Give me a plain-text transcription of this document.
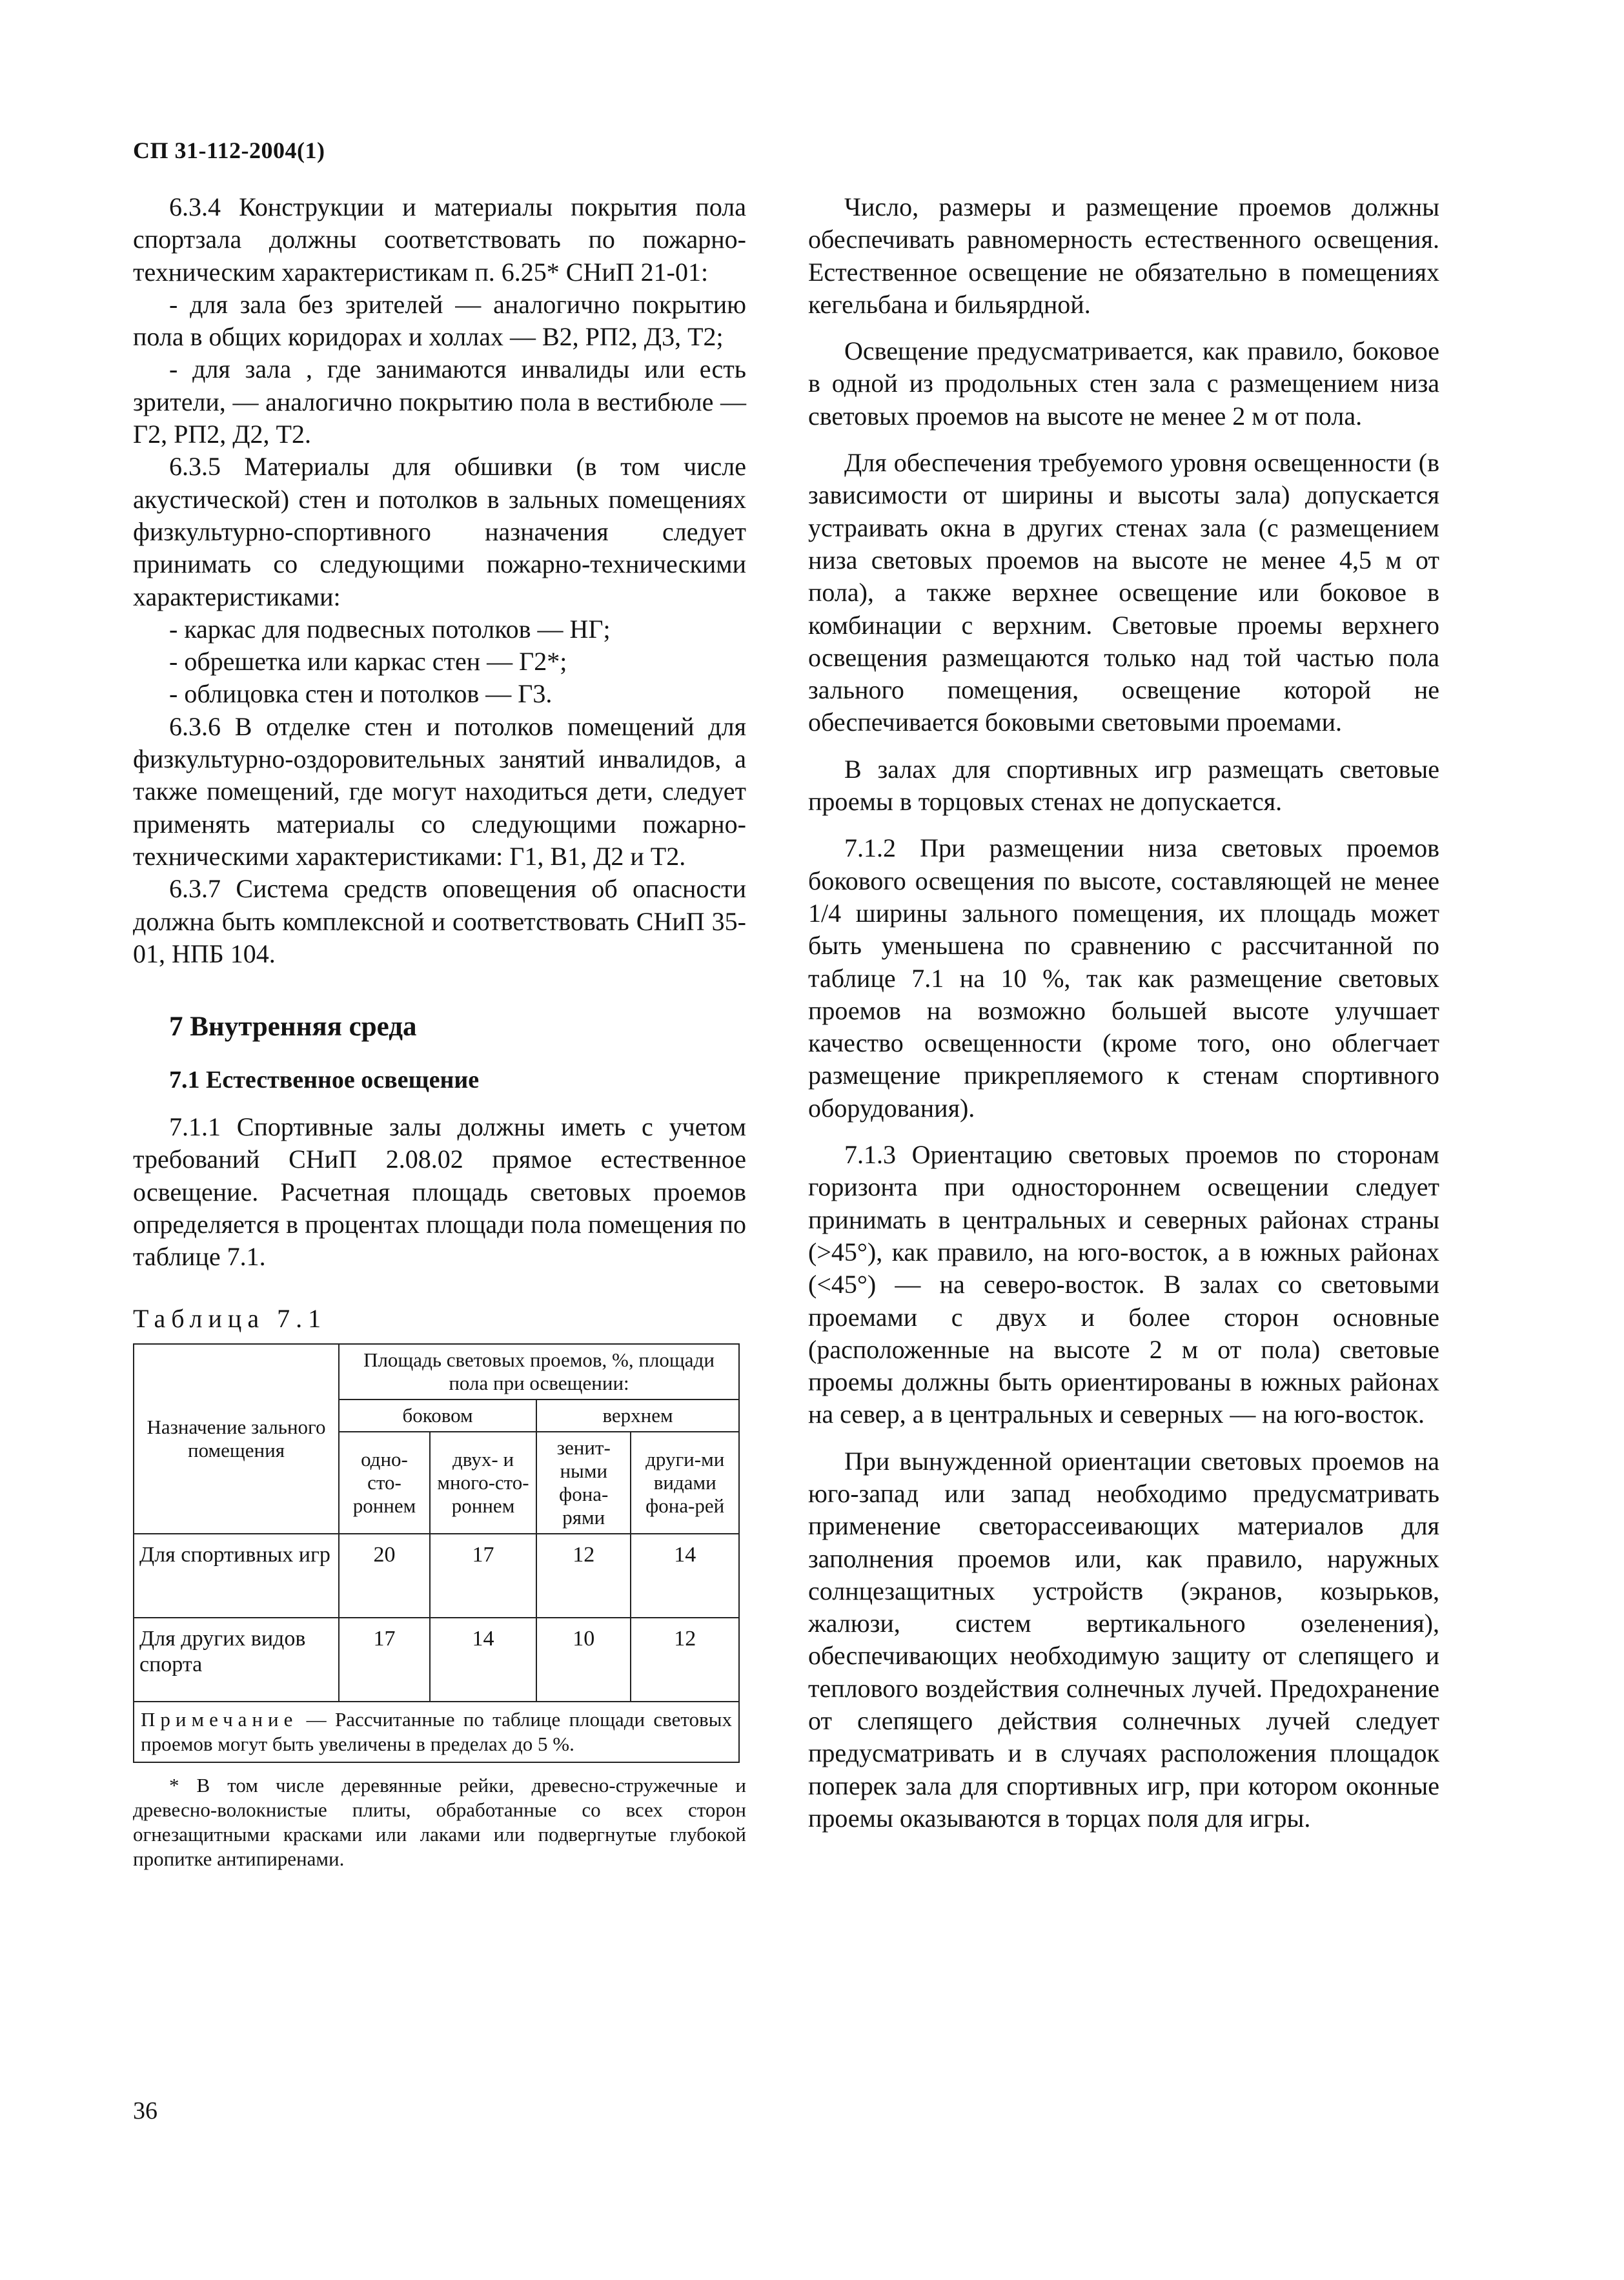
СП 31-112-2004(1)

6.3.4 Конструкции и материалы покрытия пола спортзала должны соответствовать по пожарно-техническим характеристикам п. 6.25* СНиП 21-01:

- для зала без зрителей — аналогично покрытию пола в общих коридорах и холлах — В2, РП2, Д3, Т2;

- для зала , где занимаются инвалиды или есть зрители, — аналогично покрытию пола в вестибюле — Г2, РП2, Д2, Т2.

6.3.5 Материалы для обшивки (в том числе акустической) стен и потолков в зальных помещениях физкультурно-спортивного назначения следует принимать со следующими пожарно-техническими характеристиками:

- каркас для подвесных потолков — НГ;

- обрешетка или каркас стен — Г2*;

- облицовка стен и потолков — Г3.

6.3.6 В отделке стен и потолков помещений для физкультурно-оздоровительных занятий инвалидов, а также помещений, где могут находиться дети, следует применять материалы со следующими пожарно-техническими характеристиками: Г1, В1, Д2 и Т2.

6.3.7 Система средств оповещения об опасности должна быть комплексной и соответствовать СНиП 35-01, НПБ 104.

7 Внутренняя среда
7.1 Естественное освещение

7.1.1 Спортивные залы должны иметь с учетом требований СНиП 2.08.02 прямое естественное освещение. Расчетная площадь световых проемов определяется в процентах площади пола помещения по таблице 7.1.

Таблица 7.1
Назначение зального помещения	Площадь световых проемов, %, площади пола при освещении:			
	боковом		верхнем	
	одно-сто-роннем	двух- и много-сто-роннем	зенит-ными фона-рями	други-ми видами фона-рей
Для спортивных игр	20	17	12	14
Для других видов спорта	17	14	10	12
Примечание — Рассчитанные по таблице площади световых проемов могут быть увеличены в пределах до 5 %.				
* В том числе деревянные рейки, древесно-стружечные и древесно-волокнистые плиты, обработанные со всех сторон огнезащитными красками или лаками или подвергнутые глубокой пропитке антипиренами.

Число, размеры и размещение проемов должны обеспечивать равномерность естественного освещения. Естественное освещение не обязательно в помещениях кегельбана и бильярдной.

Освещение предусматривается, как правило, боковое в одной из продольных стен зала с размещением низа световых проемов на высоте не менее 2 м от пола.

Для обеспечения требуемого уровня освещенности (в зависимости от ширины и высоты зала) допускается устраивать окна в других стенах зала (с размещением низа световых проемов на высоте не менее 4,5 м от пола), а также верхнее освещение или боковое в комбинации с верхним. Световые проемы верхнего освещения размещаются только над той частью пола зального помещения, освещение которой не обеспечивается боковыми световыми проемами.

В залах для спортивных игр размещать световые проемы в торцовых стенах не допускается.

7.1.2 При размещении низа световых проемов бокового освещения по высоте, составляющей не менее 1/4 ширины зального помещения, их площадь может быть уменьшена по сравнению с рассчитанной по таблице 7.1 на 10 %, так как размещение световых проемов на возможно большей высоте улучшает качество освещенности (кроме того, оно облегчает размещение прикрепляемого к стенам спортивного оборудования).

7.1.3 Ориентацию световых проемов по сторонам горизонта при одностороннем освещении следует принимать в центральных и северных районах страны (>45°), как правило, на юго-восток, а в южных районах (<45°) — на северо-восток. В залах со световыми проемами с двух и более сторон основные (расположенные на высоте 2 м от пола) световые проемы должны быть ориентированы в южных районах на север, а в центральных и северных — на юго-восток.

При вынужденной ориентации световых проемов на юго-запад или запад необходимо предусматривать применение светорассеивающих материалов для заполнения проемов или, как правило, наружных солнцезащитных устройств (экранов, козырьков, жалюзи, систем вертикального озеленения), обеспечивающих необходимую защиту от слепящего и теплового воздействия солнечных лучей. Предохранение от слепящего действия солнечных лучей следует предусматривать и в случаях расположения площадок поперек зала для спортивных игр, при котором оконные проемы оказываются в торцах поля для игры.

36
